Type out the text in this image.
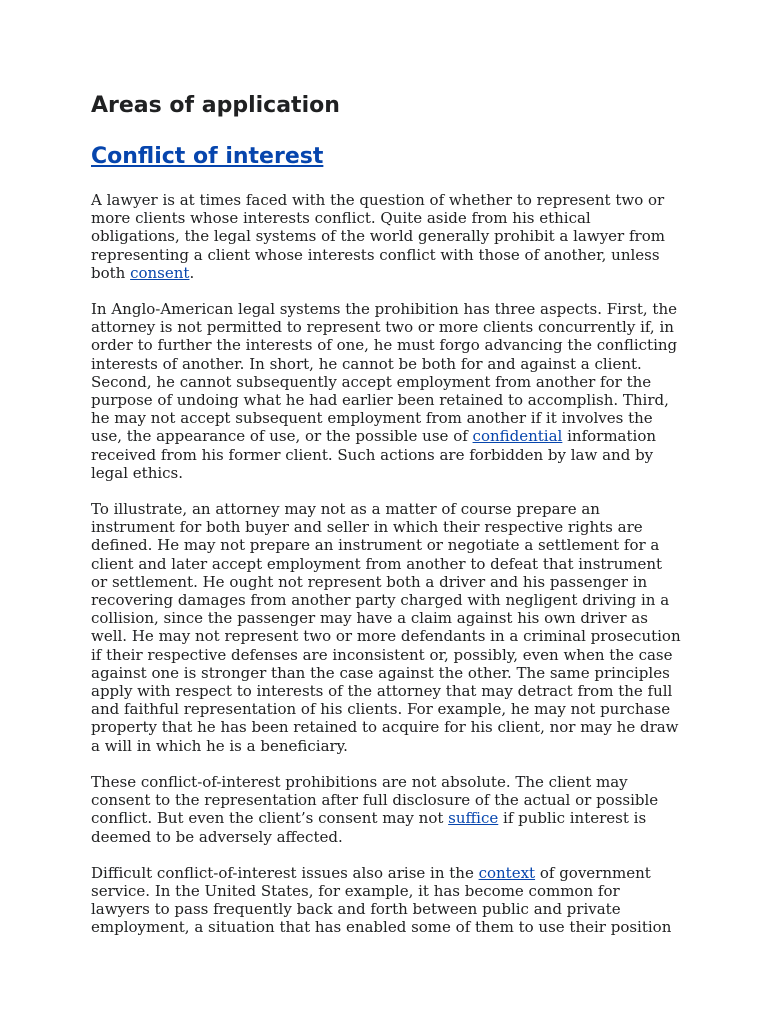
Areas of application
Conflict of interest

A lawyer is at times faced with the question of whether to represent two or more clients whose interests conflict. Quite aside from his ethical obligations, the legal systems of the world generally prohibit a lawyer from representing a client whose interests conflict with those of another, unless both consent.

In Anglo-American legal systems the prohibition has three aspects. First, the attorney is not permitted to represent two or more clients concurrently if, in order to further the interests of one, he must forgo advancing the conflicting interests of another. In short, he cannot be both for and against a client. Second, he cannot subsequently accept employment from another for the purpose of undoing what he had earlier been retained to accomplish. Third, he may not accept subsequent employment from another if it involves the use, the appearance of use, or the possible use of confidential information received from his former client. Such actions are forbidden by law and by legal ethics.

To illustrate, an attorney may not as a matter of course prepare an instrument for both buyer and seller in which their respective rights are defined. He may not prepare an instrument or negotiate a settlement for a client and later accept employment from another to defeat that instrument or settlement. He ought not represent both a driver and his passenger in recovering damages from another party charged with negligent driving in a collision, since the passenger may have a claim against his own driver as well. He may not represent two or more defendants in a criminal prosecution if their respective defenses are inconsistent or, possibly, even when the case against one is stronger than the case against the other. The same principles apply with respect to interests of the attorney that may detract from the full and faithful representation of his clients. For example, he may not purchase property that he has been retained to acquire for his client, nor may he draw a will in which he is a beneficiary.

These conflict-of-interest prohibitions are not absolute. The client may consent to the representation after full disclosure of the actual or possible conflict. But even the client’s consent may not suffice if public interest is deemed to be adversely affected.

Difficult conflict-of-interest issues also arise in the context of government service. In the United States, for example, it has become common for lawyers to pass frequently back and forth between public and private employment, a situation that has enabled some of them to use their position
